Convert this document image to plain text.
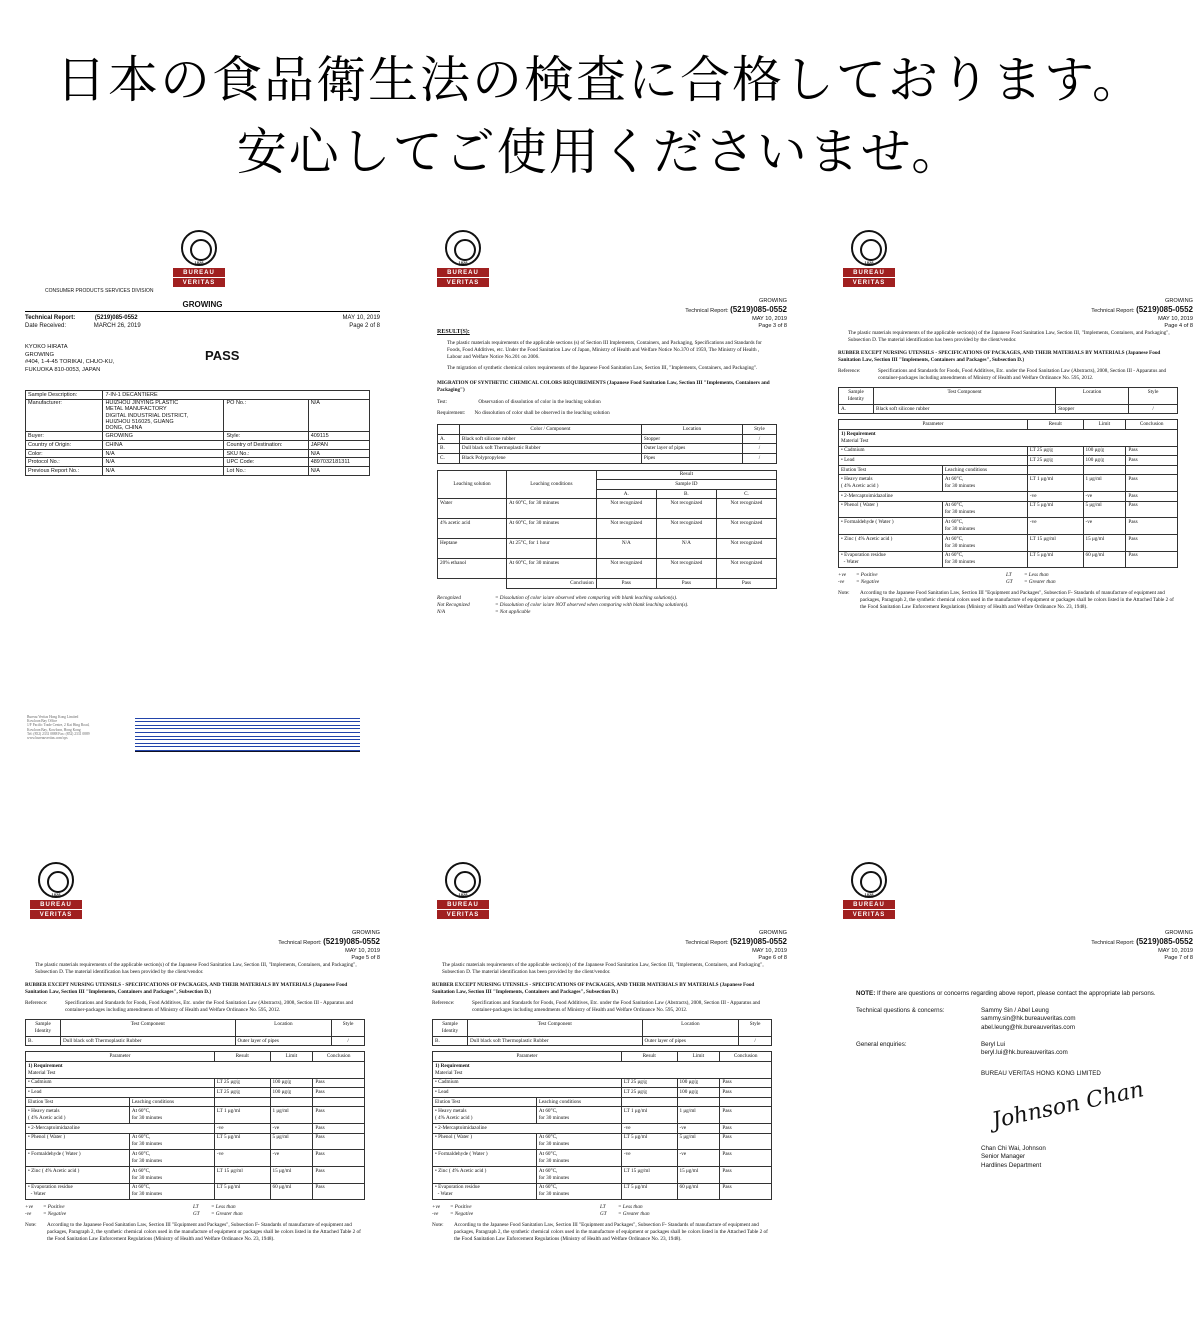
日本の食品衛生法の検査に合格しております。
安心してご使用くださいませ。
1828
BUREAU
VERITAS
CONSUMER PRODUCTS SERVICES DIVISION
GROWING
Technical Report:	(5219)085-0552
Date Received:	MARCH 26, 2019
MAY 10, 2019
Page 2 of 8
KYOKO HIRATA
GROWING
#404, 1-4-45 TORIKAI, CHUO-KU,
FUKUOKA 810-0053, JAPAN
PASS
Sample Description:	7-IN-1 DECANTIERE		
Manufacturer:	HUIZHOU JINYING PLASTIC
METAL MANUFACTORY
DIGITAL INDUSTRIAL DISTRICT,
HUIZHOU 516025, GUANG
DONG, CHINA	PO No.:	N/A
Buyer:	GROWING	Style:	409115
Country of Origin:	CHINA	Country of Destination:	JAPAN
Color:	N/A	SKU No.:	N/A
Protocol No.:	N/A	UPC Code:	4897032181311
Previous Report No.:	N/A	Lot No.:	N/A
Bureau Veritas Hong Kong Limited
Kowloon Bay Office
1/F Pacific Trade Centre, 2 Kai Hing Road,
Kowloon Bay, Kowloon, Hong Kong
Tel: (852) 2331 0888 Fax: (852) 2331 0889
www.bureauveritas.com/cps

1828
BUREAU
VERITAS
GROWING
Technical Report: (5219)085-0552
MAY 10, 2019
Page 3 of 8
RESULT(S):

The plastic materials requirements of the applicable sections (s) of Section III Implements, Containers, and Packaging, Specifications and Standards for Foods, Food Additives, etc. Under the Food Sanitation Law of Japan, Ministry of Health and Welfare Notice No.370 of 1959, The Ministry of Health , Labour and Welfare Notice No.201 on 2006.

The migration of synthetic chemical colors requirements of the Japanese Food Sanitation Law, Section III, "Implements, Containers, and Packaging".

MIGRATION OF SYNTHETIC CHEMICAL COLORS REQUIREMENTS (Japanese Food Sanitation Law, Section III "Implements, Containers and Packaging")

Test:	Observation of dissolution of color in the leaching solution
Requirement: No dissolution of color shall be observed in the leaching solution
	Color / Component	Location	Style
A.	Black soft silicone rubber	Stopper	/
B.	Dull black soft Thermoplastic Rubber	Outer layer of pipes	/
C.	Black Polypropylene	Pipes	/
Leaching solution	Leaching conditions	Result		
		Sample ID		
		A.	B.	C.
Water	At 60°C, for 30 minutes	Not recognized	Not recognized	Not recognized
4% acetic acid	At 60°C, for 30 minutes	Not recognized	Not recognized	Not recognized
Heptane	At 25°C, for 1 hour	N/A	N/A	Not recognized
20% ethanol	At 60°C, for 30 minutes	Not recognized	Not recognized	Not recognized
	Conclusion	Pass	Pass	Pass
Recognized	= Dissolution of color is/are observed when comparing with blank leaching solution(s).
Not Recognized	= Dissolution of color is/are NOT observed when comparing with blank leaching solution(s).
N/A	= Not applicable
1828
BUREAU
VERITAS
GROWING
Technical Report: (5219)085-0552
MAY 10, 2019
Page 4 of 8

The plastic materials requirements of the applicable section(s) of the Japanese Food Sanitation Law, Section III, "Implements, Containers, and Packaging", Subsection D. The material identification has been provided by the client/vendor.

RUBBER EXCEPT NURSING UTENSILS - SPECIFICATIONS OF PACKAGES, AND THEIR MATERIALS BY MATERIALS (Japanese Food Sanitation Law, Section III "Implements, Containers and Packages", Subsection D.)

Reference:	Specifications and Standards for Foods, Food Additives, Etc. under the Food Sanitation Law (Abstracts), 2008, Section III - Apparatus and container-packages including amendments of Ministry of Health and Welfare Ordinance No. 595, 2012.
Sample Identity	Test Component	Location	Style
A.	Black soft silicone rubber	Stopper	/
Parameter		Result	Limit	Conclusion
1) Requirement
Material Test				
• Cadmium		LT 25 μg/g	100 μg/g	Pass
• Lead		LT 25 μg/g	100 μg/g	Pass
Elution Test	Leaching conditions			
• Heavy metals
( 4% Acetic acid )	At 60°C,
for 30 minutes	LT 1 μg/ml	1 μg/ml	Pass
• 2-Mercaptoimidazoline		-ve	-ve	Pass
• Phenol ( Water )	At 60°C,
for 30 minutes	LT 5 μg/ml	5 μg/ml	Pass
• Formaldehyde ( Water )	At 60°C,
for 30 minutes	-ve	-ve	Pass
• Zinc ( 4% Acetic acid )	At 60°C,
for 30 minutes	LT 15 μg/ml	15 μg/ml	Pass
• Evaporation residue
- Water	At 60°C,
for 30 minutes	LT 5 μg/ml	60 μg/ml	Pass
+ve = Positive	LT = Less than
-ve = Negative	GT = Greater than
Note:	According to the Japanese Food Sanitation Law, Section III "Equipment and Packages", Subsection F- Standards of manufacture of equipment and packages, Paragraph 2, the synthetic chemical colors used in the manufacture of equipment or packages shall be colors listed in the Attached Table 2 of the Food Sanitation Law Enforcement Regulations (Ministry of Health and Welfare Ordinance No. 23, 1948).
1828
BUREAU
VERITAS
GROWING
Technical Report: (5219)085-0552
MAY 10, 2019
Page 5 of 8

The plastic materials requirements of the applicable section(s) of the Japanese Food Sanitation Law, Section III, "Implements, Containers, and Packaging", Subsection D. The material identification has been provided by the client/vendor.

RUBBER EXCEPT NURSING UTENSILS - SPECIFICATIONS OF PACKAGES, AND THEIR MATERIALS BY MATERIALS (Japanese Food Sanitation Law, Section III "Implements, Containers and Packages", Subsection D.)

Reference:	Specifications and Standards for Foods, Food Additives, Etc. under the Food Sanitation Law (Abstracts), 2008, Section III - Apparatus and container-packages including amendments of Ministry of Health and Welfare Ordinance No. 595, 2012.
Sample Identity	Test Component	Location	Style
B.	Dull black soft Thermoplastic Rubber	Outer layer of pipes	/
Parameter		Result	Limit	Conclusion
1) Requirement
Material Test				
• Cadmium		LT 25 μg/g	100 μg/g	Pass
• Lead		LT 25 μg/g	100 μg/g	Pass
Elution Test	Leaching conditions			
• Heavy metals
( 4% Acetic acid )	At 60°C,
for 30 minutes	LT 1 μg/ml	1 μg/ml	Pass
• 2-Mercaptoimidazoline		-ve	-ve	Pass
• Phenol ( Water )	At 60°C,
for 30 minutes	LT 5 μg/ml	5 μg/ml	Pass
• Formaldehyde ( Water )	At 60°C,
for 30 minutes	-ve	-ve	Pass
• Zinc ( 4% Acetic acid )	At 60°C,
for 30 minutes	LT 15 μg/ml	15 μg/ml	Pass
• Evaporation residue
- Water	At 60°C,
for 30 minutes	LT 5 μg/ml	60 μg/ml	Pass
+ve = Positive	LT = Less than
-ve = Negative	GT = Greater than
Note:	According to the Japanese Food Sanitation Law, Section III "Equipment and Packages", Subsection F- Standards of manufacture of equipment and packages, Paragraph 2, the synthetic chemical colors used in the manufacture of equipment or packages shall be colors listed in the Attached Table 2 of the Food Sanitation Law Enforcement Regulations (Ministry of Health and Welfare Ordinance No. 23, 1948).
1828
BUREAU
VERITAS
GROWING
Technical Report: (5219)085-0552
MAY 10, 2019
Page 6 of 8

The plastic materials requirements of the applicable section(s) of the Japanese Food Sanitation Law, Section III, "Implements, Containers, and Packaging", Subsection D. The material identification has been provided by the client/vendor.

RUBBER EXCEPT NURSING UTENSILS - SPECIFICATIONS OF PACKAGES, AND THEIR MATERIALS BY MATERIALS (Japanese Food Sanitation Law, Section III "Implements, Containers and Packages", Subsection D.)

Reference:	Specifications and Standards for Foods, Food Additives, Etc. under the Food Sanitation Law (Abstracts), 2008, Section III - Apparatus and container-packages including amendments of Ministry of Health and Welfare Ordinance No. 595, 2012.
Sample Identity	Test Component	Location	Style
B.	Dull black soft Thermoplastic Rubber	Outer layer of pipes	/
Parameter		Result	Limit	Conclusion
1) Requirement
Material Test				
• Cadmium		LT 25 μg/g	100 μg/g	Pass
• Lead		LT 25 μg/g	100 μg/g	Pass
Elution Test	Leaching conditions			
• Heavy metals
( 4% Acetic acid )	At 60°C,
for 30 minutes	LT 1 μg/ml	1 μg/ml	Pass
• 2-Mercaptoimidazoline		-ve	-ve	Pass
• Phenol ( Water )	At 60°C,
for 30 minutes	LT 5 μg/ml	5 μg/ml	Pass
• Formaldehyde ( Water )	At 60°C,
for 30 minutes	-ve	-ve	Pass
• Zinc ( 4% Acetic acid )	At 60°C,
for 30 minutes	LT 15 μg/ml	15 μg/ml	Pass
• Evaporation residue
- Water	At 60°C,
for 30 minutes	LT 5 μg/ml	60 μg/ml	Pass
+ve = Positive	LT = Less than
-ve = Negative	GT = Greater than
Note:	According to the Japanese Food Sanitation Law, Section III "Equipment and Packages", Subsection F- Standards of manufacture of equipment and packages, Paragraph 2, the synthetic chemical colors used in the manufacture of equipment or packages shall be colors listed in the Attached Table 2 of the Food Sanitation Law Enforcement Regulations (Ministry of Health and Welfare Ordinance No. 23, 1948).
1828
BUREAU
VERITAS
GROWING
Technical Report: (5219)085-0552
MAY 10, 2019
Page 7 of 8
NOTE: If there are questions or concerns regarding above report, please contact the appropriate lab persons.
Technical questions & concerns:	Sammy Sin / Abel Leung
sammy.sin@hk.bureauveritas.com
abel.leung@hk.bureauveritas.com
General enquiries:	Beryl Lui
beryl.lui@hk.bureauveritas.com
BUREAU VERITAS HONG KONG LIMITED
Johnson Chan
Chan Chi Wai, Johnson
Senior Manager
Hardlines Department
